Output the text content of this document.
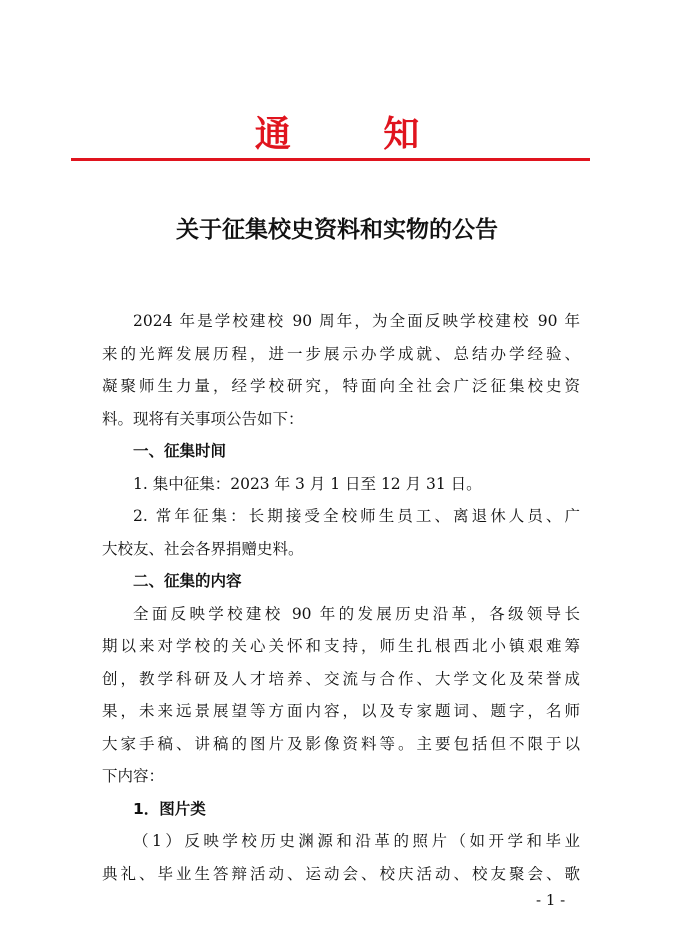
通 知
关于征集校史资料和实物的公告
2024 年是学校建校 90 周年，为全面反映学校建校 90 年
来的光辉发展历程，进一步展示办学成就、总结办学经验、
凝聚师生力量，经学校研究，特面向全社会广泛征集校史资
料。现将有关事项公告如下：
一、征集时间
1. 集中征集：2023 年 3 月 1 日至 12 月 31 日。
2. 常年征集：长期接受全校师生员工、离退休人员、广
大校友、社会各界捐赠史料。
二、征集的内容
全面反映学校建校 90 年的发展历史沿革，各级领导长
期以来对学校的关心关怀和支持，师生扎根西北小镇艰难筹
创，教学科研及人才培养、交流与合作、大学文化及荣誉成
果，未来远景展望等方面内容，以及专家题词、题字，名师
大家手稿、讲稿的图片及影像资料等。主要包括但不限于以
下内容：
1．图片类
（1）反映学校历史渊源和沿革的照片（如开学和毕业
典礼、毕业生答辩活动、运动会、校庆活动、校友聚会、歌
- 1 -
